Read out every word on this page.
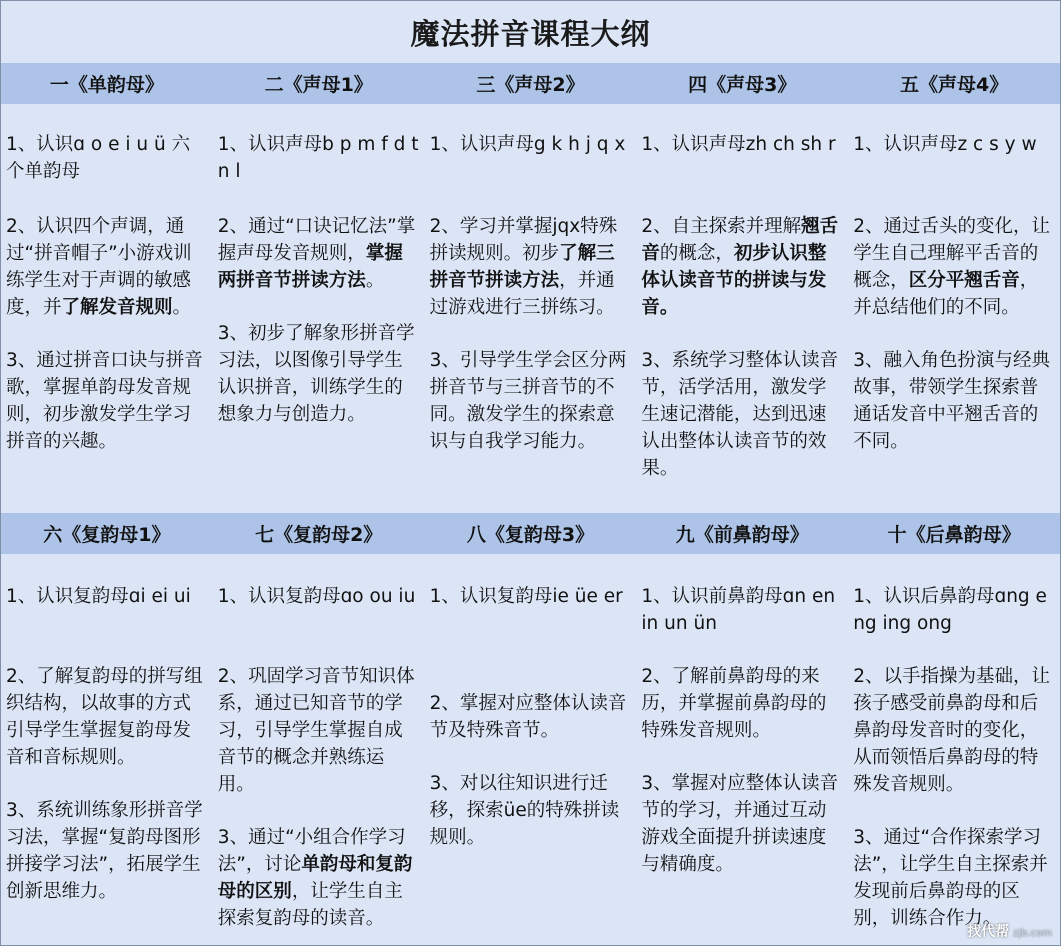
魔法拼音课程大纲
一《单韵母》	二《声母1》	三《声母2》	四《声母3》	五《声母4》
1、认识ɑ o e i u ü 六个单韵母
2、认识四个声调，通过“拼音帽子”小游戏训练学生对于声调的敏感度，并了解发音规则。
3、通过拼音口诀与拼音歌，掌握单韵母发音规则，初步激发学生学习拼音的兴趣。
1、认识声母b p m f d t n l
2、通过“口诀记忆法”掌握声母发音规则，掌握两拼音节拼读方法。
3、初步了解象形拼音学习法，以图像引导学生认识拼音，训练学生的想象力与创造力。
1、认识声母g k h j q x
2、学习并掌握jqx特殊拼读规则。初步了解三拼音节拼读方法，并通过游戏进行三拼练习。
3、引导学生学会区分两拼音节与三拼音节的不同。激发学生的探索意识与自我学习能力。
1、认识声母zh ch sh r
2、自主探索并理解翘舌音的概念，初步认识整体认读音节的拼读与发音。
3、系统学习整体认读音节，活学活用，激发学生速记潜能，达到迅速认出整体认读音节的效果。
1、认识声母z c s y w
2、通过舌头的变化，让学生自己理解平舌音的概念，区分平翘舌音，并总结他们的不同。
3、融入角色扮演与经典故事，带领学生探索普通话发音中平翘舌音的不同。
六《复韵母1》	七《复韵母2》	八《复韵母3》	九《前鼻韵母》	十《后鼻韵母》
1、认识复韵母ɑi ei ui
2、了解复韵母的拼写组织结构，以故事的方式引导学生掌握复韵母发音和音标规则。
3、系统训练象形拼音学习法，掌握“复韵母图形拼接学习法”，拓展学生创新思维力。
1、认识复韵母ɑo ou iu
2、巩固学习音节知识体系，通过已知音节的学习，引导学生掌握自成音节的概念并熟练运用。
3、通过“小组合作学习法”，讨论单韵母和复韵母的区别，让学生自主探索复韵母的读音。
1、认识复韵母ie üe er
2、掌握对应整体认读音节及特殊音节。
3、对以往知识进行迁移，探索üe的特殊拼读规则。
1、认识前鼻韵母ɑn en in un ün
2、了解前鼻韵母的来历，并掌握前鼻韵母的特殊发音规则。
3、掌握对应整体认读音节的学习，并通过互动游戏全面提升拼读速度与精确度。
1、认识后鼻韵母ɑng eng ing ong
2、以手指操为基础，让孩子感受前鼻韵母和后鼻韵母发音时的变化，从而领悟后鼻韵母的特殊发音规则。
3、通过“合作探索学习法”，让学生自主探索并发现前后鼻韵母的区别，训练合作力。
找代帮 zjb.com
